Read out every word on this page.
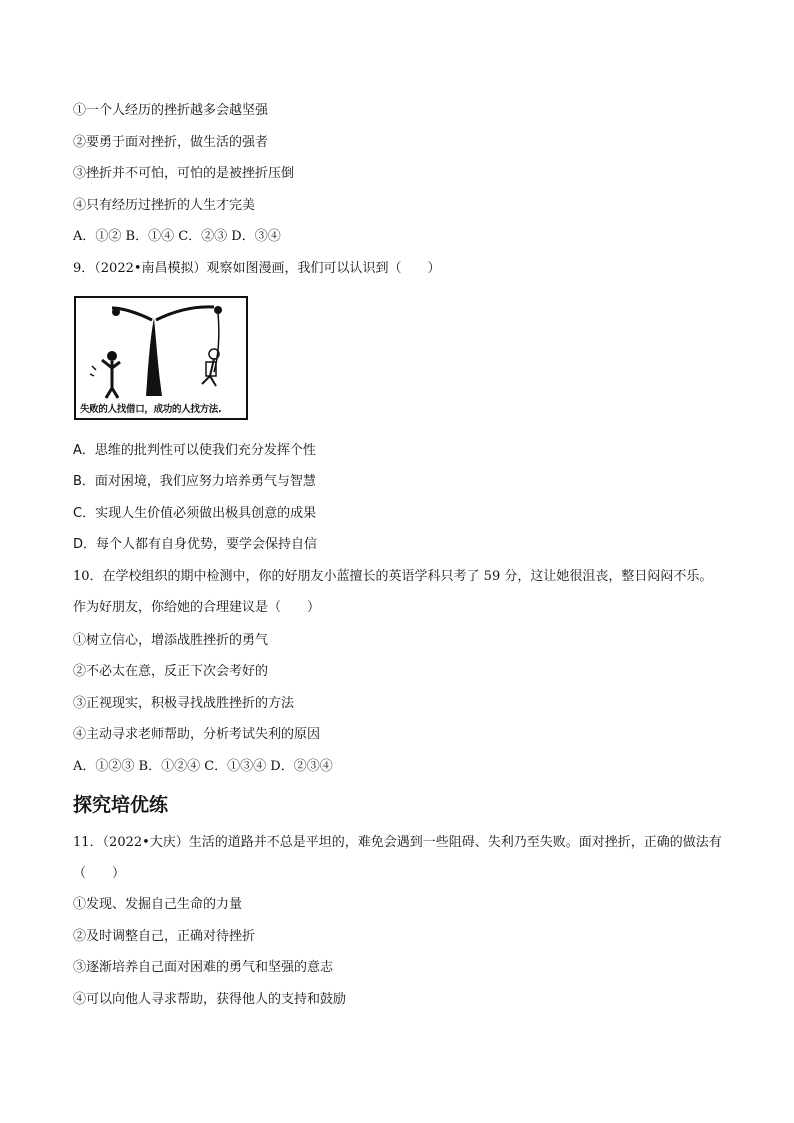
①一个人经历的挫折越多会越坚强
②要勇于面对挫折，做生活的强者
③挫折并不可怕，可怕的是被挫折压倒
④只有经历过挫折的人生才完美
A．①② B．①④ C．②③ D．③④
9．（2022•南昌模拟）观察如图漫画，我们可以认识到（　　）
失败的人找借口，成功的人找方法.
A．思维的批判性可以使我们充分发挥个性
B．面对困境，我们应努力培养勇气与智慧
C．实现人生价值必须做出极具创意的成果
D．每个人都有自身优势，要学会保持自信
10．在学校组织的期中检测中，你的好朋友小蓝擅长的英语学科只考了 59 分，这让她很沮丧，整日闷闷不乐。作为好朋友，你给她的合理建议是（　　）
①树立信心，增添战胜挫折的勇气
②不必太在意，反正下次会考好的
③正视现实，积极寻找战胜挫折的方法
④主动寻求老师帮助，分析考试失利的原因
A．①②③ B．①②④ C．①③④ D．②③④
探究培优练
11．（2022•大庆）生活的道路并不总是平坦的，难免会遇到一些阻碍、失利乃至失败。面对挫折，正确的做法有（　　）
①发现、发掘自己生命的力量
②及时调整自己，正确对待挫折
③逐渐培养自己面对困难的勇气和坚强的意志
④可以向他人寻求帮助，获得他人的支持和鼓励
